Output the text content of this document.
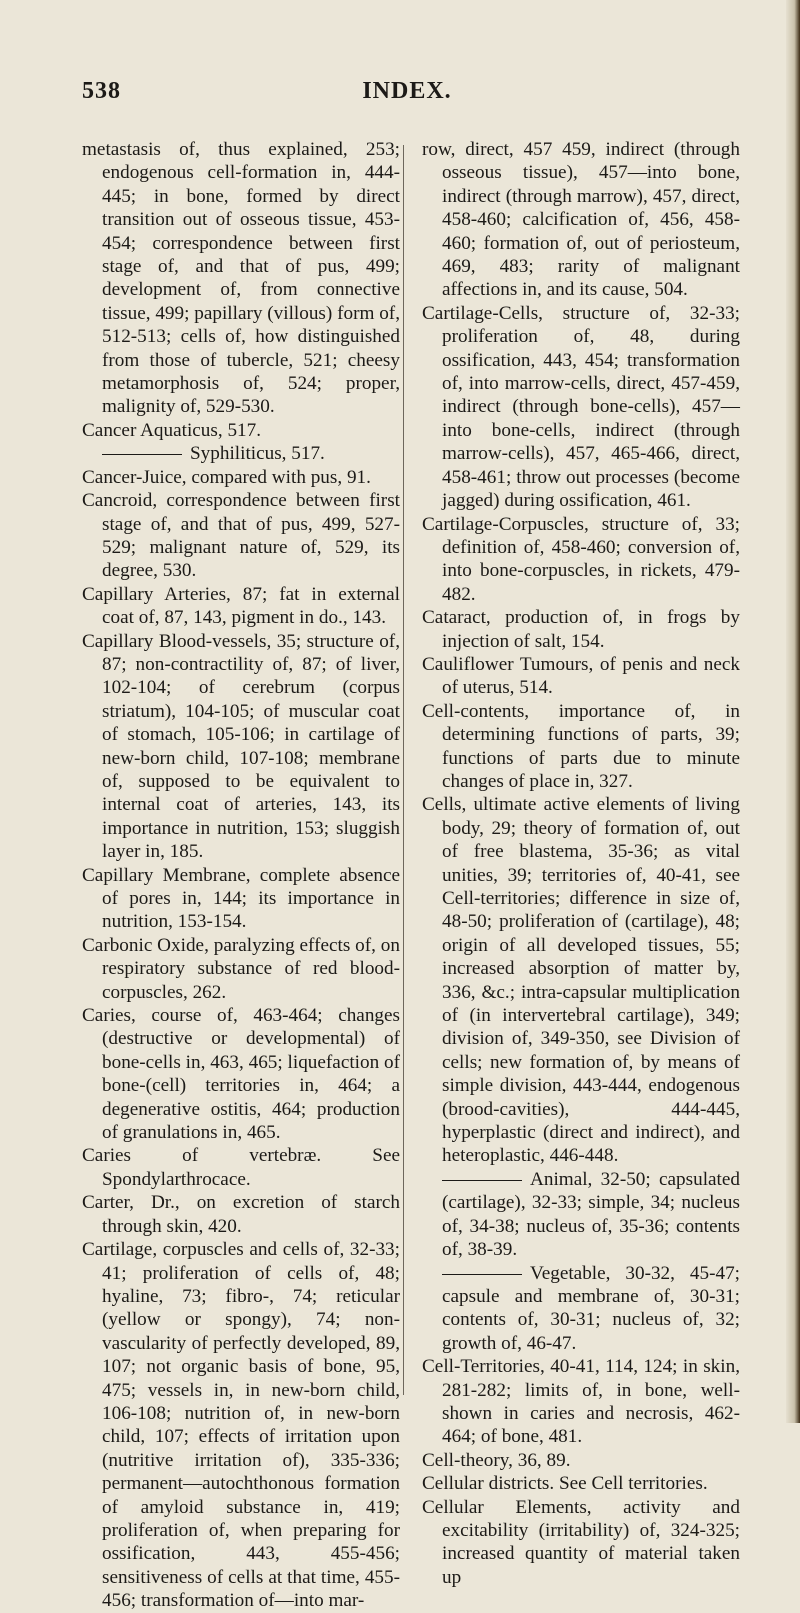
538	INDEX.

metastasis of, thus explained, 253; endogenous cell-formation in, 444-445; in bone, formed by direct transition out of osseous tissue, 453-454; correspondence between first stage of, and that of pus, 499; development of, from connective tissue, 499; papillary (villous) form of, 512-513; cells of, how distinguished from those of tubercle, 521; cheesy metamorphosis of, 524; proper, malignity of, 529-530.

Cancer Aquaticus, 517.

Syphiliticus, 517.

Cancer-Juice, compared with pus, 91.

Cancroid, correspondence between first stage of, and that of pus, 499, 527-529; malignant nature of, 529, its degree, 530.

Capillary Arteries, 87; fat in external coat of, 87, 143, pigment in do., 143.

Capillary Blood-vessels, 35; structure of, 87; non-contractility of, 87; of liver, 102-104; of cerebrum (corpus striatum), 104-105; of muscular coat of stomach, 105-106; in cartilage of new-born child, 107-108; membrane of, supposed to be equivalent to internal coat of arteries, 143, its importance in nutrition, 153; sluggish layer in, 185.

Capillary Membrane, complete absence of pores in, 144; its importance in nutrition, 153-154.

Carbonic Oxide, paralyzing effects of, on respiratory substance of red blood-corpuscles, 262.

Caries, course of, 463-464; changes (destructive or developmental) of bone-cells in, 463, 465; liquefaction of bone-(cell) territories in, 464; a degenerative ostitis, 464; production of granulations in, 465.

Caries of vertebræ. See Spondylarthrocace.

Carter, Dr., on excretion of starch through skin, 420.

Cartilage, corpuscles and cells of, 32-33; 41; proliferation of cells of, 48; hyaline, 73; fibro-, 74; reticular (yellow or spongy), 74; non-vascularity of perfectly developed, 89, 107; not organic basis of bone, 95, 475; vessels in, in new-born child, 106-108; nutrition of, in new-born child, 107; effects of irritation upon (nutritive irritation of), 335-336; permanent—autochthonous formation of amyloid substance in, 419; proliferation of, when preparing for ossification, 443, 455-456; sensitiveness of cells at that time, 455-456; transformation of—into mar-

row, direct, 457 459, indirect (through osseous tissue), 457—into bone, indirect (through marrow), 457, direct, 458-460; calcification of, 456, 458-460; formation of, out of periosteum, 469, 483; rarity of malignant affections in, and its cause, 504.

Cartilage-Cells, structure of, 32-33; proliferation of, 48, during ossification, 443, 454; transformation of, into marrow-cells, direct, 457-459, indirect (through bone-cells), 457—into bone-cells, indirect (through marrow-cells), 457, 465-466, direct, 458-461; throw out processes (become jagged) during ossification, 461.

Cartilage-Corpuscles, structure of, 33; definition of, 458-460; conversion of, into bone-corpuscles, in rickets, 479-482.

Cataract, production of, in frogs by injection of salt, 154.

Cauliflower Tumours, of penis and neck of uterus, 514.

Cell-contents, importance of, in determining functions of parts, 39; functions of parts due to minute changes of place in, 327.

Cells, ultimate active elements of living body, 29; theory of formation of, out of free blastema, 35-36; as vital unities, 39; territories of, 40-41, see Cell-territories; difference in size of, 48-50; proliferation of (cartilage), 48; origin of all developed tissues, 55; increased absorption of matter by, 336, &c.; intra-capsular multiplication of (in intervertebral cartilage), 349; division of, 349-350, see Division of cells; new formation of, by means of simple division, 443-444, endogenous (brood-cavities), 444-445, hyperplastic (direct and indirect), and heteroplastic, 446-448.

Animal, 32-50; capsulated (cartilage), 32-33; simple, 34; nucleus of, 34-38; nucleus of, 35-36; contents of, 38-39.

Vegetable, 30-32, 45-47; capsule and membrane of, 30-31; contents of, 30-31; nucleus of, 32; growth of, 46-47.

Cell-Territories, 40-41, 114, 124; in skin, 281-282; limits of, in bone, well-shown in caries and necrosis, 462-464; of bone, 481.

Cell-theory, 36, 89.

Cellular districts. See Cell territories.

Cellular Elements, activity and excitability (irritability) of, 324-325; increased quantity of material taken up
